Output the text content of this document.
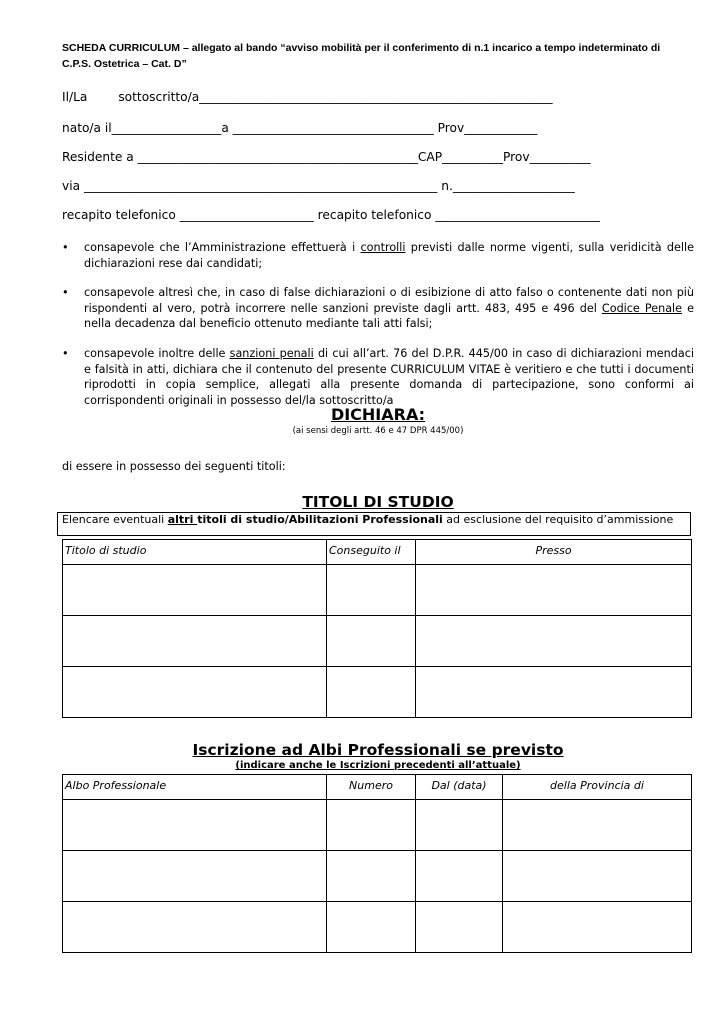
SCHEDA CURRICULUM – allegato al bando “avviso mobilità per il conferimento di n.1 incarico a tempo indeterminato di
C.P.S. Ostetrica – Cat. D”
Il/La        sottoscritto/a__________________________________________________________
nato/a il__________________a _________________________________ Prov____________
Residente a ______________________________________________CAP__________Prov__________
via __________________________________________________________ n.____________________
recapito telefonico ______________________ recapito telefonico ___________________________
• consapevole che l’Amministrazione effettuerà i controlli previsti dalle norme vigenti, sulla veridicità delle dichiarazioni rese dai candidati;
• consapevole altresì che, in caso di false dichiarazioni o di esibizione di atto falso o contenente dati non più rispondenti al vero, potrà incorrere nelle sanzioni previste dagli artt. 483, 495 e 496 del Codice Penale e nella decadenza dal beneficio ottenuto mediante tali atti falsi;
• consapevole inoltre delle sanzioni penali di cui all’art. 76 del D.P.R. 445/00 in caso di dichiarazioni mendaci e falsità in atti, dichiara che il contenuto del presente CURRICULUM VITAE è veritiero e che tutti i documenti riprodotti in copia semplice, allegati alla presente domanda di partecipazione, sono conformi ai corrispondenti originali in possesso del/la sottoscritto/a
DICHIARA:
(ai sensi degli artt. 46 e 47 DPR 445/00)
di essere in possesso dei seguenti titoli:
TITOLI DI STUDIO
Elencare eventuali altri titoli di studio/Abilitazioni Professionali ad esclusione del requisito d’ammissione
Titolo di studio	Conseguito il	Presso

Iscrizione ad Albi Professionali se previsto
(indicare anche le Iscrizioni precedenti all’attuale)
Albo Professionale	Numero	Dal (data)	della Provincia di
